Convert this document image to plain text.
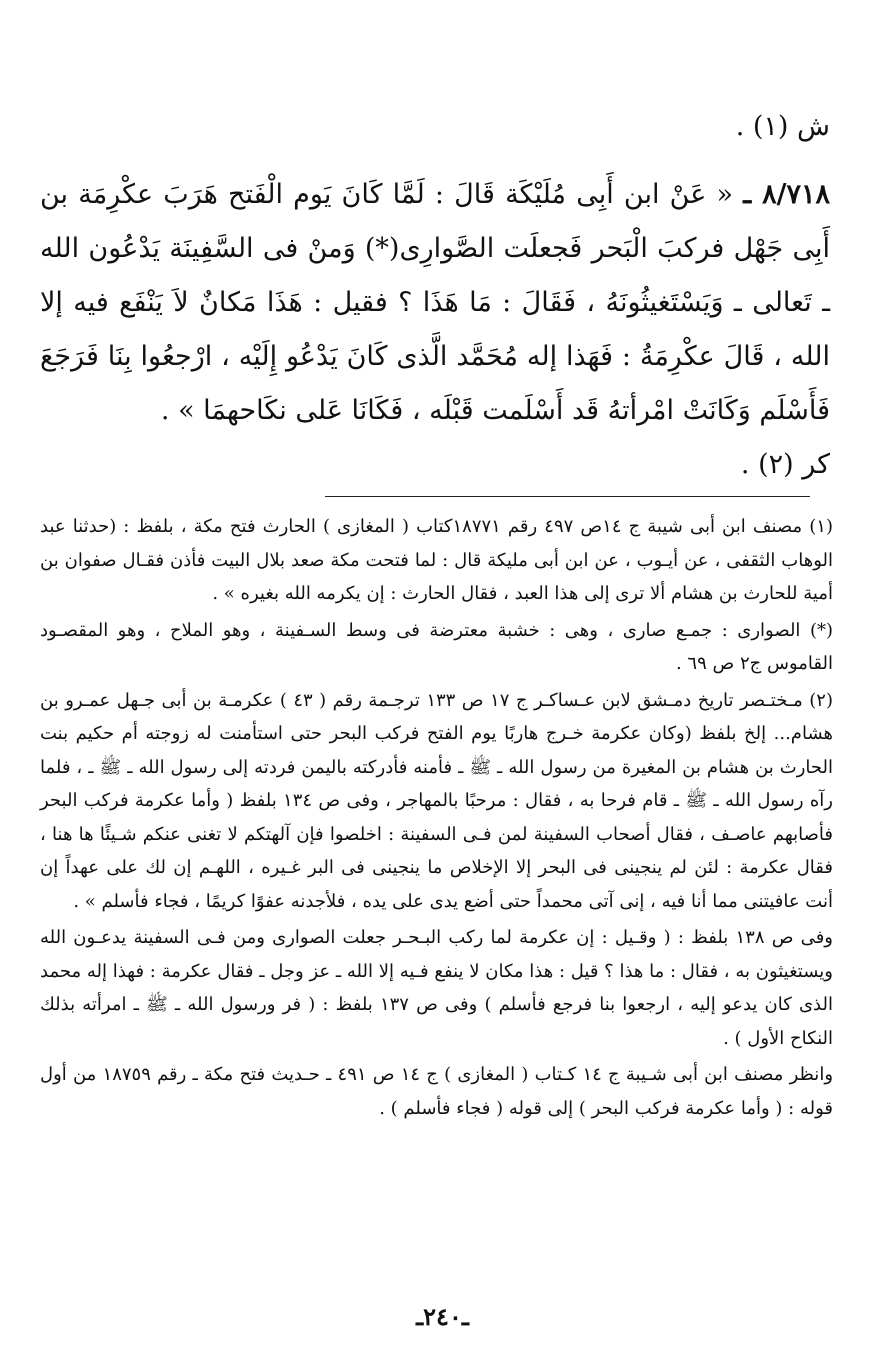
ش (١) .

٨/٧١٨ ـ « عَنْ ابن أَبِى مُلَيْكَة قَالَ : لَمَّا كَانَ يَوم الْفَتح هَرَبَ عكْرِمَة بن أَبِى جَهْل فركبَ الْبَحر فَجعلَت الصَّوارِى(*) وَمنْ فى السَّفِينَة يَدْعُون الله ـ تَعالى ـ وَيَسْتَغيثُونَهُ ، فَقَالَ : مَا هَذَا ؟ فقيل : هَذَا مَكانٌ لاَ يَنْفَع فيه إلا الله ، قَالَ عكْرِمَةُ : فَهَذا إله مُحَمَّد الَّذى كَانَ يَدْعُو إِلَيْه ، ارْجعُوا بِنَا فَرَجَعَ فَأَسْلَم وَكَانَتْ امْرأتهُ قَد أَسْلَمت قَبْلَه ، فَكَانَا عَلى نكَاحهمَا » .

كر (٢) .

(١) مصنف ابن أبى شيبة ج ١٤ص ٤٩٧ رقم ١٨٧٧١كتاب ( المغازى ) الحارث فتح مكة ، بلفظ : (حدثنا عبد الوهاب الثقفى ، عن أيـوب ، عن ابن أبى مليكة قال : لما فتحت مكة صعد بلال البيت فأذن فقـال صفوان بن أمية للحارث بن هشام ألا ترى إلى هذا العبد ، فقال الحارث : إن يكرمه الله بغيره » .

(*) الصوارى : جمـع صارى ، وهى : خشبة معترضة فى وسط السـفينة ، وهو الملاح ، وهو المقصـود القاموس ج٢ ص ٦٩ .

(٢) مـختـصر تاريخ دمـشق لابن عـساكـر ج ١٧ ص ١٣٣ ترجـمة رقم ( ٤٣ ) عكرمـة بن أبى جـهل عمـرو بن هشام... إلخ بلفظ (وكان عكرمة خـرج هاربًا يوم الفتح فركب البحر حتى استأمنت له زوجته أم حكيم بنت الحارث بن هشام بن المغيرة من رسول الله ـ ﷺ ـ فأمنه فأدركته باليمن فردته إلى رسول الله ـ ﷺ ـ ، فلما رآه رسول الله ـ ﷺ ـ قام فرحا به ، فقال : مرحبًا بالمهاجر ، وفى ص ١٣٤ بلفظ ( وأما عكرمة فركب البحر فأصابهم عاصـف ، فقال أصحاب السفينة لمن فـى السفينة : اخلصوا فإن آلهتكم لا تغنى عنكم شـيئًا ها هنا ، فقال عكرمة : لئن لم ينجينى فى البحر إلا الإخلاص ما ينجينى فى البر غـيره ، اللهـم إن لك على عهداً إن أنت عافيتنى مما أنا فيه ، إنى آتى محمداً حتى أضع يدى على يده ، فلأجدنه عفوًا كريمًا ، فجاء فأسلم » .

وفى ص ١٣٨ بلفظ : ( وقـيل : إن عكرمة لما ركب البـحـر جعلت الصوارى ومن فـى السفينة يدعـون الله ويستغيثون به ، فقال : ما هذا ؟ قيل : هذا مكان لا ينفع فـيه إلا الله ـ عز وجل ـ فقال عكرمة : فهذا إله محمد الذى كان يدعو إليه ، ارجعوا بنا فرجع فأسلم ) وفى ص ١٣٧ بلفظ : ( فر ورسول الله ـ ﷺ ـ امرأته بذلك النكاح الأول ) .

وانظر مصنف ابن أبى شـيبة ج ١٤ كـتاب ( المغازى ) ج ١٤ ص ٤٩١ ـ حـديث فتح مكة ـ رقم ١٨٧٥٩ من أول قوله : ( وأما عكرمة فركب البحر ) إلى قوله ( فجاء فأسلم ) .

ـ٢٤٠ـ
